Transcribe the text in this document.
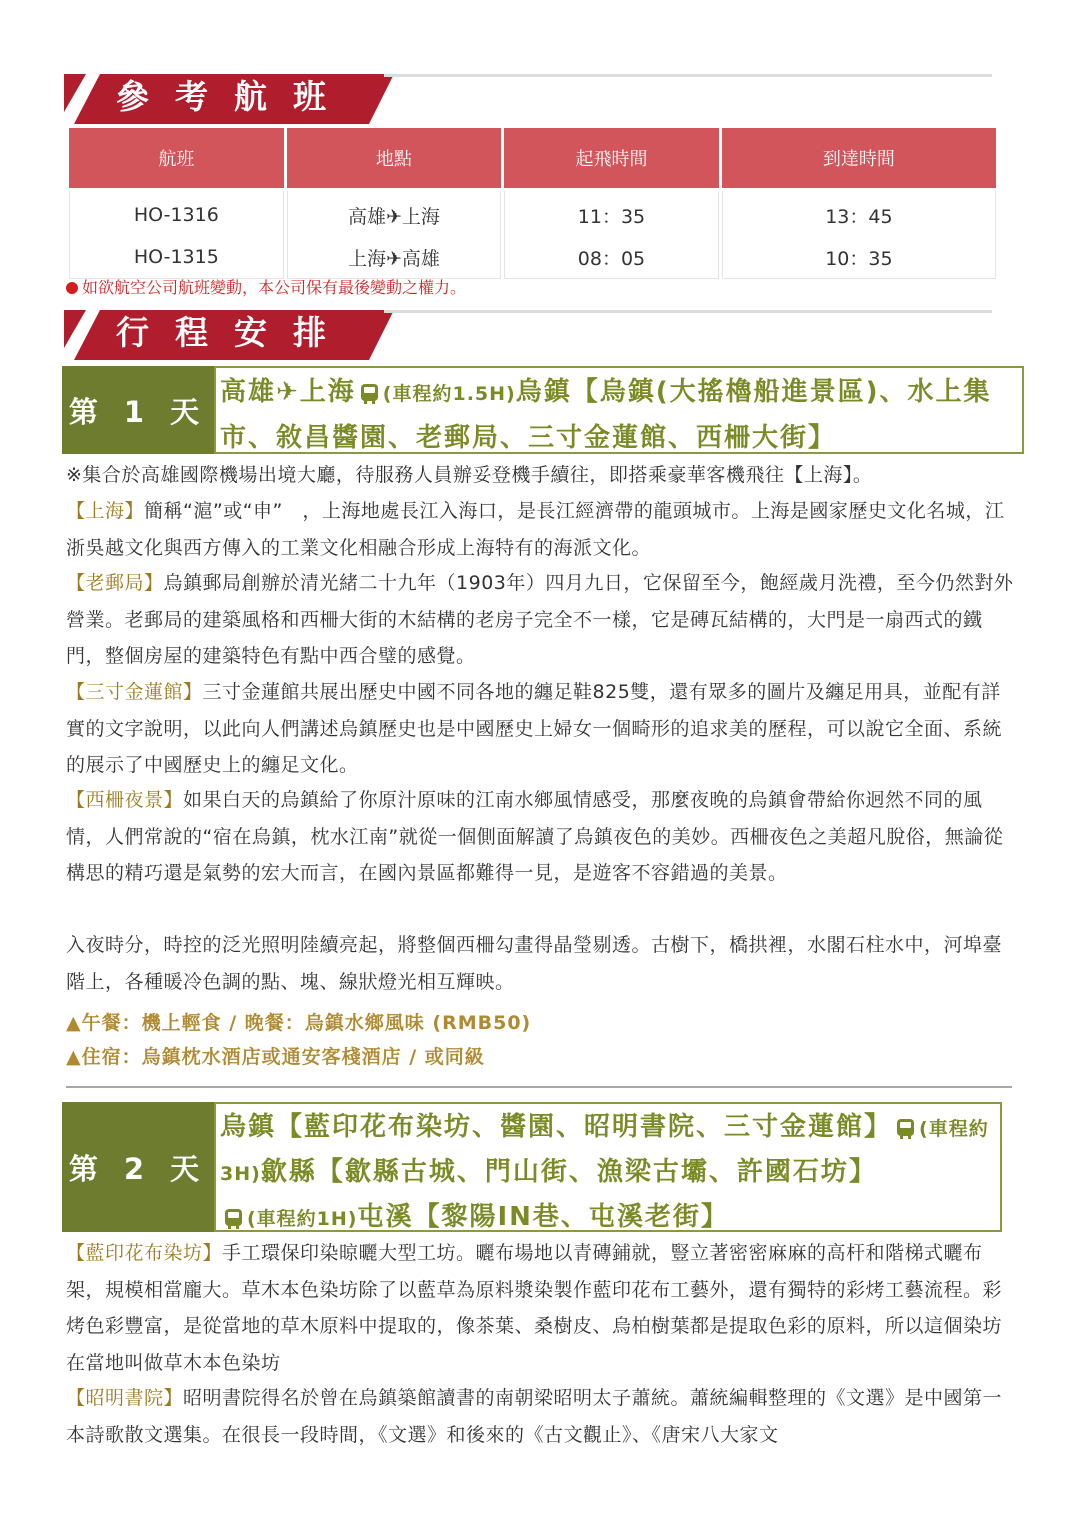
參考航班
航班	地點	起飛時間	到達時間
HO-1316	高雄✈上海	11：35	13：45
HO-1315	上海✈高雄	08：05	10：35
如欲航空公司航班變動，本公司保有最後變動之權力。
行程安排
第 1 天
高雄✈上海 (車程約1.5H)烏鎮【烏鎮(大搖櫓船進景區)、水上集市、敘昌醬園、老郵局、三寸金蓮館、西柵大街】
※集合於高雄國際機場出境大廳，待服務人員辦妥登機手續往，即搭乘豪華客機飛往【上海】。
【上海】簡稱“滬”或“申”　，上海地處長江入海口，是長江經濟帶的龍頭城市。上海是國家歷史文化名城，江浙吳越文化與西方傳入的工業文化相融合形成上海特有的海派文化。
【老郵局】烏鎮郵局創辦於清光緒二十九年（1903年）四月九日，它保留至今，飽經歲月洗禮，至今仍然對外營業。老郵局的建築風格和西柵大街的木結構的老房子完全不一樣，它是磚瓦結構的，大門是一扇西式的鐵門，整個房屋的建築特色有點中西合璧的感覺。
【三寸金蓮館】三寸金蓮館共展出歷史中國不同各地的纏足鞋825雙，還有眾多的圖片及纏足用具，並配有詳實的文字說明，以此向人們講述烏鎮歷史也是中國歷史上婦女一個畸形的追求美的歷程，可以說它全面、系統的展示了中國歷史上的纏足文化。
【西柵夜景】如果白天的烏鎮給了你原汁原味的江南水鄉風情感受，那麼夜晚的烏鎮會帶給你迥然不同的風情，人們常說的“宿在烏鎮，枕水江南”就從一個側面解讀了烏鎮夜色的美妙。西柵夜色之美超凡脫俗，無論從構思的精巧還是氣勢的宏大而言，在國內景區都難得一見，是遊客不容錯過的美景。
入夜時分，時控的泛光照明陸續亮起，將整個西柵勾畫得晶瑩剔透。古樹下，橋拱裡，水閣石柱水中，河埠臺階上，各種暖冷色調的點、塊、線狀燈光相互輝映。
▲午餐：機上輕食 / 晚餐：烏鎮水鄉風味 (RMB50)
▲住宿：烏鎮枕水酒店或通安客棧酒店 / 或同級
第 2 天
烏鎮【藍印花布染坊、醬園、昭明書院、三寸金蓮館】 (車程約3H)歙縣【歙縣古城、門山街、漁梁古壩、許國石坊】
(車程約1H)屯溪【黎陽IN巷、屯溪老街】
【藍印花布染坊】手工環保印染晾曬大型工坊。曬布場地以青磚鋪就，豎立著密密麻麻的高杆和階梯式曬布架，規模相當龐大。草木本色染坊除了以藍草為原料漿染製作藍印花布工藝外，還有獨特的彩烤工藝流程。彩烤色彩豐富，是從當地的草木原料中提取的，像茶葉、桑樹皮、烏柏樹葉都是提取色彩的原料，所以這個染坊在當地叫做草木本色染坊
【昭明書院】昭明書院得名於曾在烏鎮築館讀書的南朝梁昭明太子蕭統。蕭統編輯整理的《文選》是中國第一本詩歌散文選集。在很長一段時間，《文選》和後來的《古文觀止》、《唐宋八大家文
